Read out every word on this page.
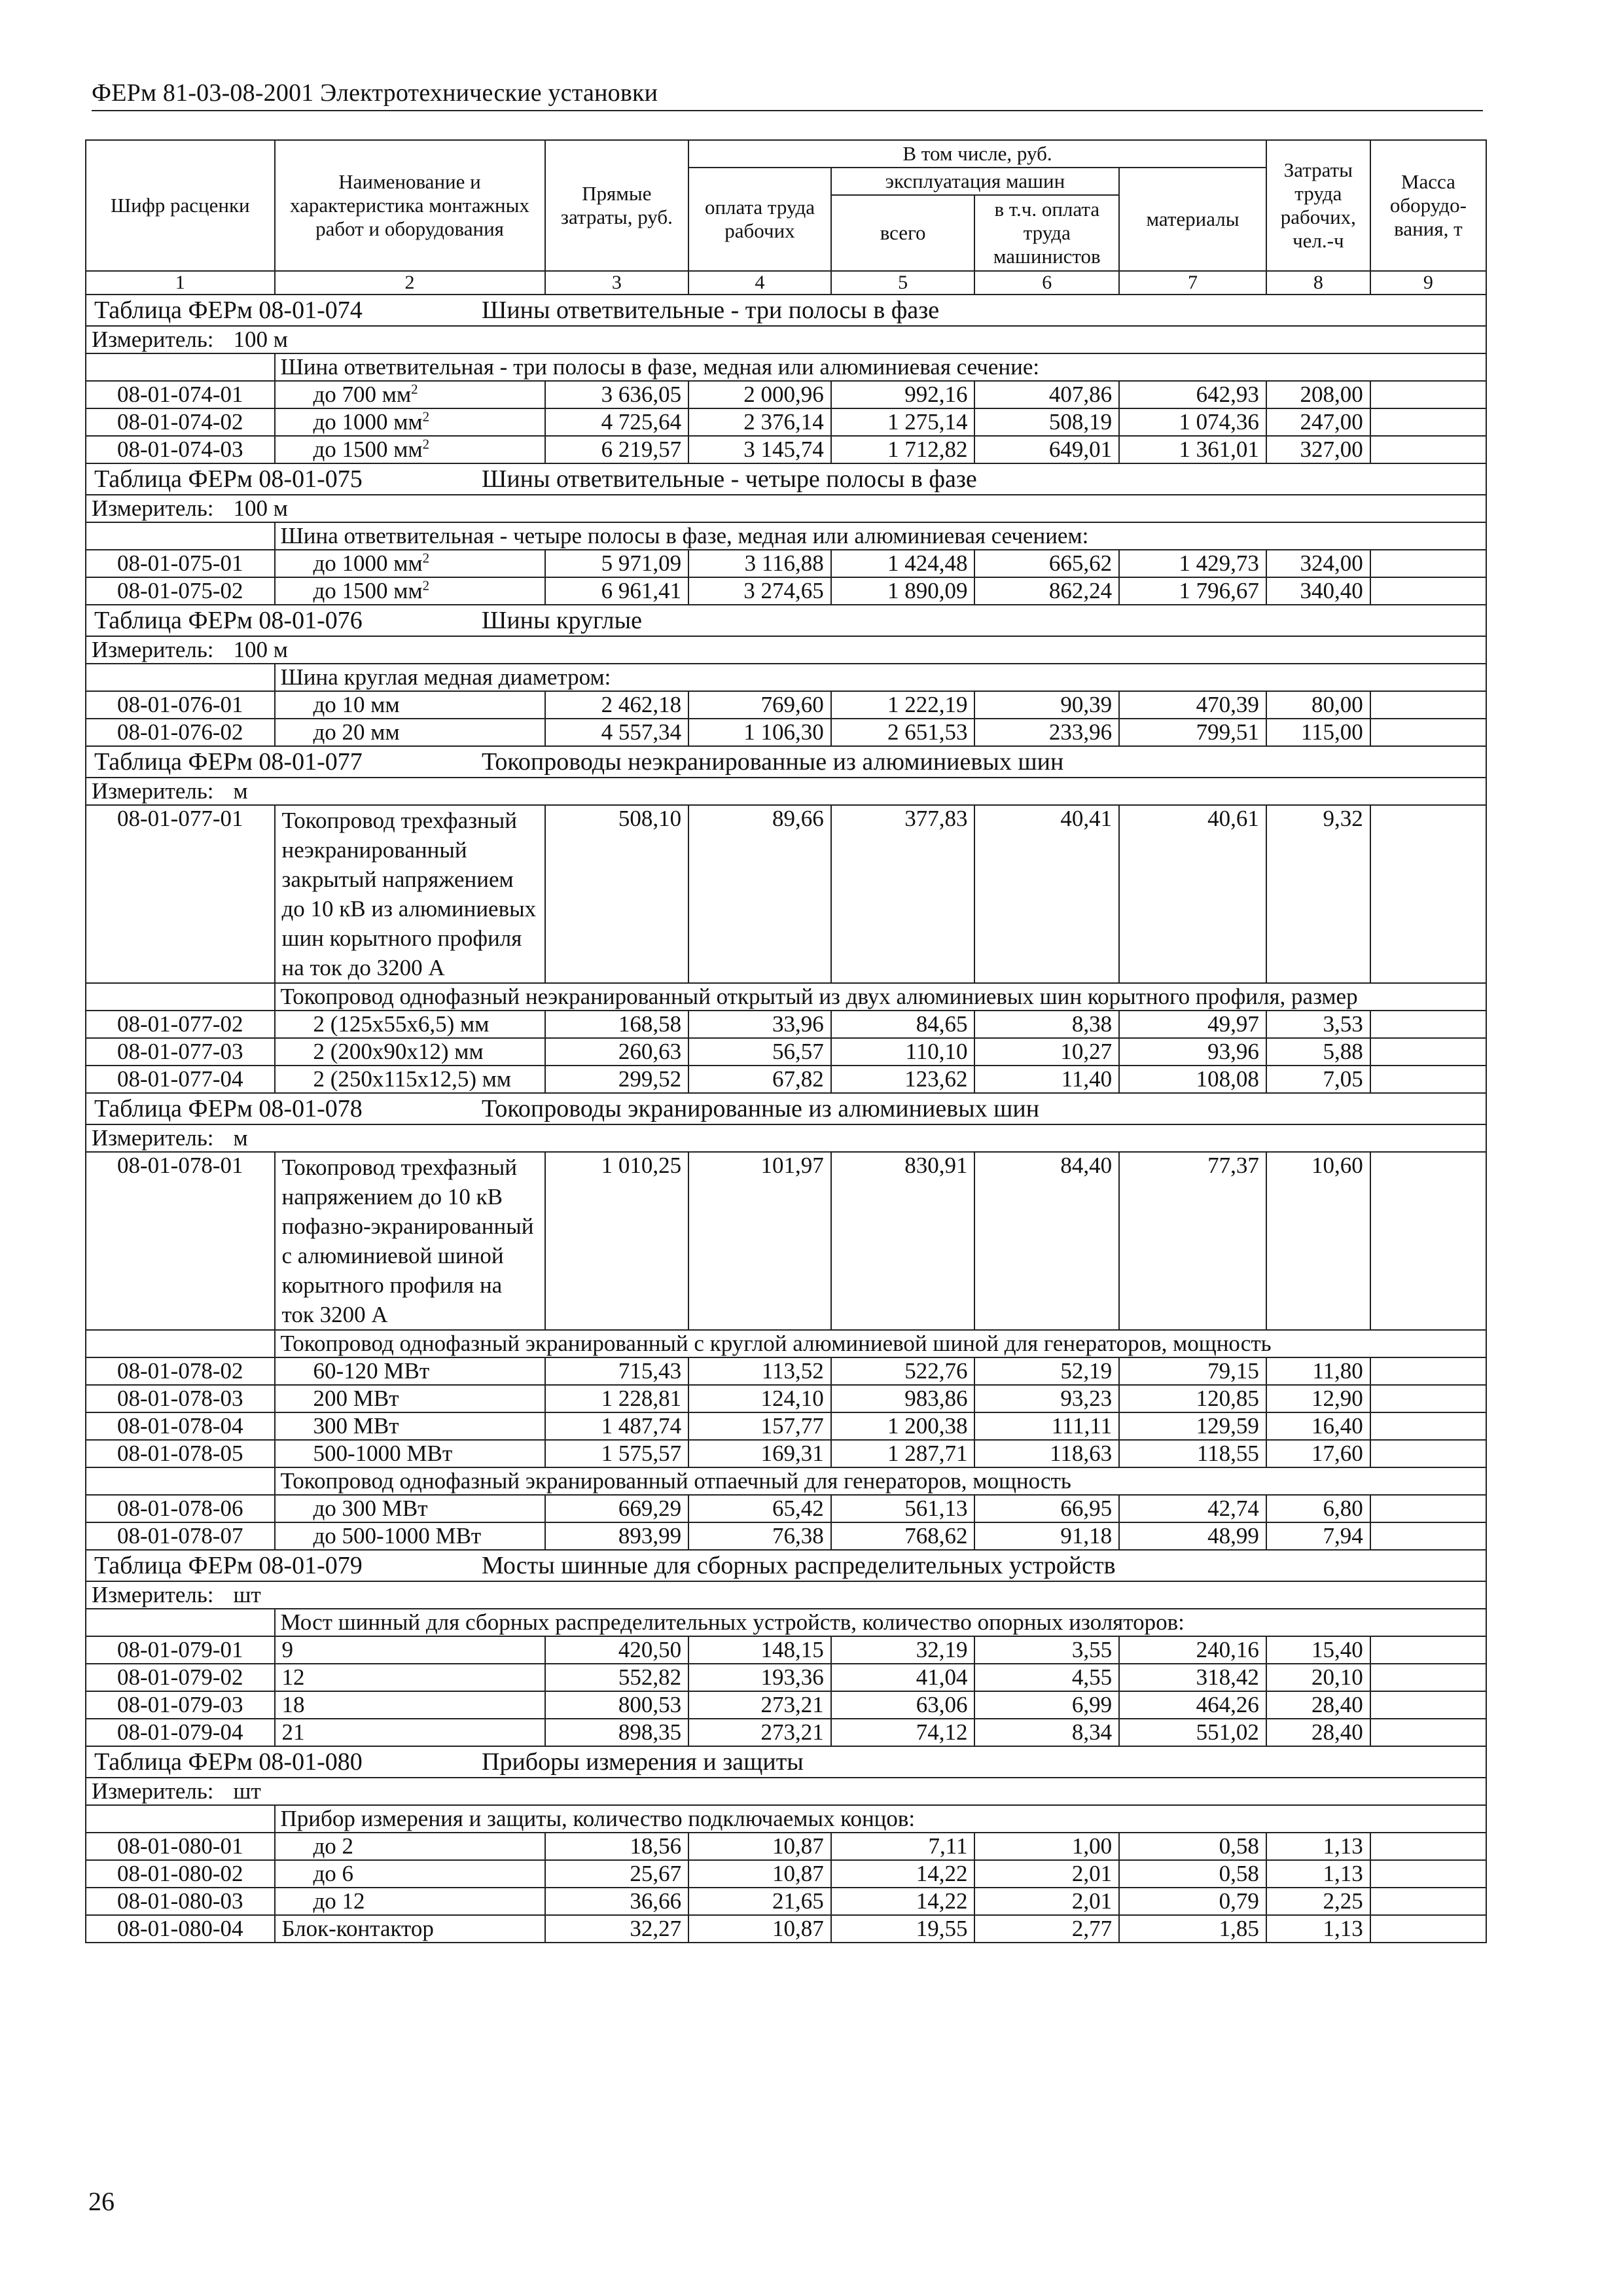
ФЕРм 81-03-08-2001 Электротехнические установки
Шифр расценки	Наименование и характеристика монтажных работ и оборудования	Прямые затраты, руб.	В том числе, руб.				Затраты труда рабочих, чел.-ч	Масса оборудо-вания, т
			оплата труда рабочих	эксплуатация машин		материалы		
				всего	в т.ч. оплата труда машинистов			
1	2	3	4	5	6	7	8	9
Таблица ФЕРм 08-01-074 Шины ответвительные - три полосы в фазе								
Измеритель: 100 м								
	Шина ответвительная - три полосы в фазе, медная или алюминиевая сечение:							
08-01-074-01	до 700 $мм^2$	3 636,05	2 000,96	992,16	407,86	642,93	208,00	
08-01-074-02	до 1000 $мм^2$	4 725,64	2 376,14	1 275,14	508,19	1 074,36	247,00	
08-01-074-03	до 1500 $мм^2$	6 219,57	3 145,74	1 712,82	649,01	1 361,01	327,00	
Таблица ФЕРм 08-01-075 Шины ответвительные - четыре полосы в фазе								
Измеритель: 100 м								
	Шина ответвительная - четыре полосы в фазе, медная или алюминиевая сечением:							
08-01-075-01	до 1000 $мм^2$	5 971,09	3 116,88	1 424,48	665,62	1 429,73	324,00	
08-01-075-02	до 1500 $мм^2$	6 961,41	3 274,65	1 890,09	862,24	1 796,67	340,40	
Таблица ФЕРм 08-01-076 Шины круглые								
Измеритель: 100 м								
	Шина круглая медная диаметром:							
08-01-076-01	до 10 мм	2 462,18	769,60	1 222,19	90,39	470,39	80,00	
08-01-076-02	до 20 мм	4 557,34	1 106,30	2 651,53	233,96	799,51	115,00	
Таблица ФЕРм 08-01-077 Токопроводы неэкранированные из алюминиевых шин								
Измеритель: м								
08-01-077-01	Токопровод трехфазный неэкранированный закрытый напряжением до 10 кВ из алюминиевых шин корытного профиля на ток до 3200 А	508,10	89,66	377,83	40,41	40,61	9,32	
	Токопровод однофазный неэкранированный открытый из двух алюминиевых шин корытного профиля, размер							
08-01-077-02	2 (125x55x6,5) мм	168,58	33,96	84,65	8,38	49,97	3,53	
08-01-077-03	2 (200x90x12) мм	260,63	56,57	110,10	10,27	93,96	5,88	
08-01-077-04	2 (250x115x12,5) мм	299,52	67,82	123,62	11,40	108,08	7,05	
Таблица ФЕРм 08-01-078 Токопроводы экранированные из алюминиевых шин								
Измеритель: м								
08-01-078-01	Токопровод трехфазный напряжением до 10 кВ пофазно-экранированный с алюминиевой шиной корытного профиля на ток 3200 А	1 010,25	101,97	830,91	84,40	77,37	10,60	
	Токопровод однофазный экранированный с круглой алюминиевой шиной для генераторов, мощность							
08-01-078-02	60-120 МВт	715,43	113,52	522,76	52,19	79,15	11,80	
08-01-078-03	200 МВт	1 228,81	124,10	983,86	93,23	120,85	12,90	
08-01-078-04	300 МВт	1 487,74	157,77	1 200,38	111,11	129,59	16,40	
08-01-078-05	500-1000 МВт	1 575,57	169,31	1 287,71	118,63	118,55	17,60	
	Токопровод однофазный экранированный отпаечный для генераторов, мощность							
08-01-078-06	до 300 МВт	669,29	65,42	561,13	66,95	42,74	6,80	
08-01-078-07	до 500-1000 МВт	893,99	76,38	768,62	91,18	48,99	7,94	
Таблица ФЕРм 08-01-079 Мосты шинные для сборных распределительных устройств								
Измеритель: шт								
	Мост шинный для сборных распределительных устройств, количество опорных изоляторов:							
08-01-079-01	9	420,50	148,15	32,19	3,55	240,16	15,40	
08-01-079-02	12	552,82	193,36	41,04	4,55	318,42	20,10	
08-01-079-03	18	800,53	273,21	63,06	6,99	464,26	28,40	
08-01-079-04	21	898,35	273,21	74,12	8,34	551,02	28,40	
Таблица ФЕРм 08-01-080 Приборы измерения и защиты								
Измеритель: шт								
	Прибор измерения и защиты, количество подключаемых концов:							
08-01-080-01	до 2	18,56	10,87	7,11	1,00	0,58	1,13	
08-01-080-02	до 6	25,67	10,87	14,22	2,01	0,58	1,13	
08-01-080-03	до 12	36,66	21,65	14,22	2,01	0,79	2,25	
08-01-080-04	Блок-контактор	32,27	10,87	19,55	2,77	1,85	1,13	
26
